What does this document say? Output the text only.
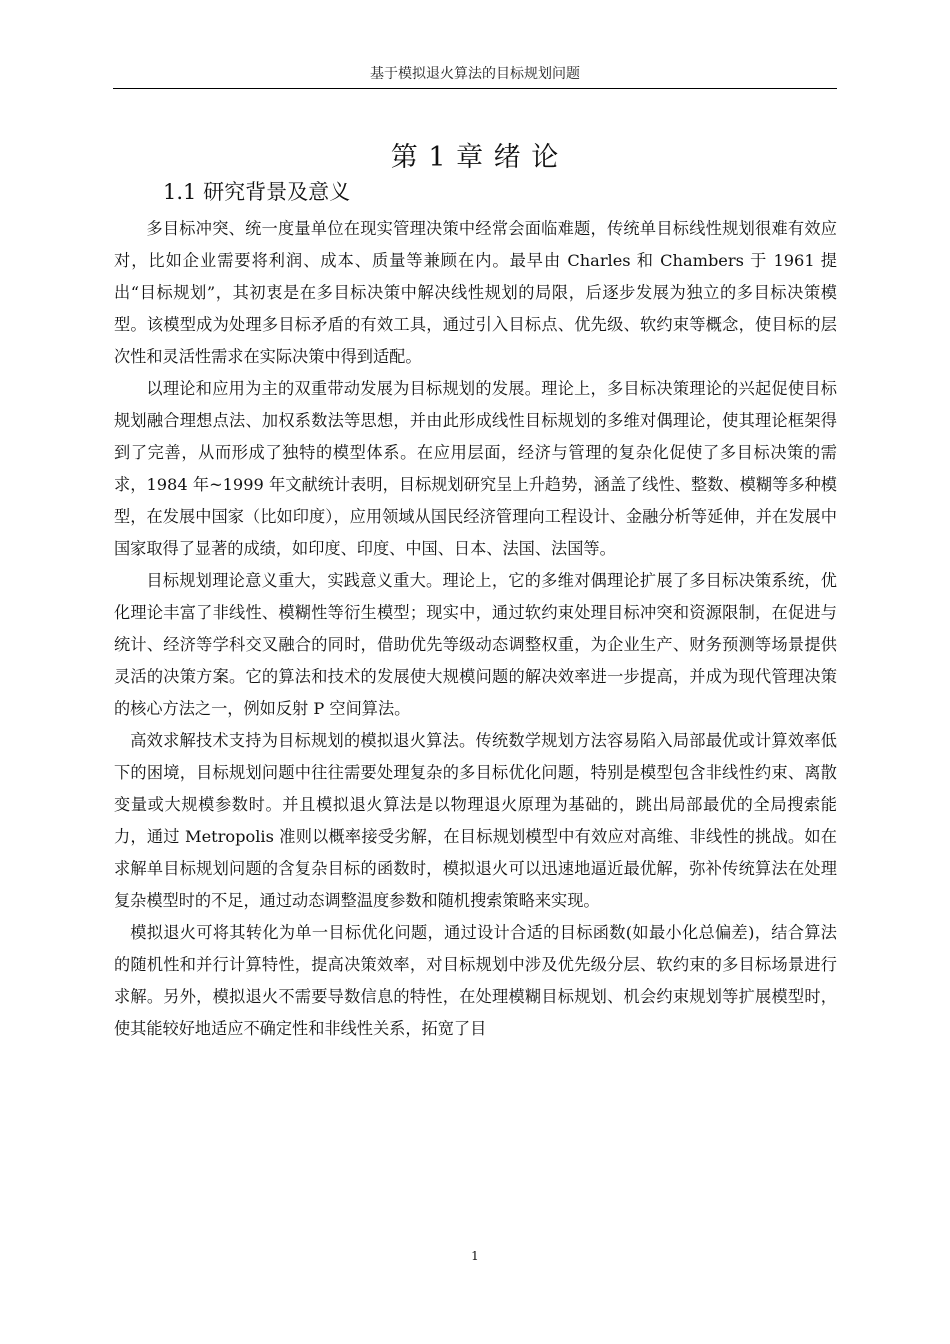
基于模拟退火算法的目标规划问题
第 1 章 绪 论
1.1 研究背景及意义

多目标冲突、统一度量单位在现实管理决策中经常会面临难题，传统单目标线性规划很难有效应对，比如企业需要将利润、成本、质量等兼顾在内。最早由 Charles 和 Chambers 于 1961 提出“目标规划”，其初衷是在多目标决策中解决线性规划的局限，后逐步发展为独立的多目标决策模型。该模型成为处理多目标矛盾的有效工具，通过引入目标点、优先级、软约束等概念，使目标的层次性和灵活性需求在实际决策中得到适配。

以理论和应用为主的双重带动发展为目标规划的发展。理论上，多目标决策理论的兴起促使目标规划融合理想点法、加权系数法等思想，并由此形成线性目标规划的多维对偶理论，使其理论框架得到了完善，从而形成了独特的模型体系。在应用层面，经济与管理的复杂化促使了多目标决策的需求，1984 年~1999 年文献统计表明，目标规划研究呈上升趋势，涵盖了线性、整数、模糊等多种模型，在发展中国家（比如印度），应用领域从国民经济管理向工程设计、金融分析等延伸，并在发展中国家取得了显著的成绩，如印度、印度、中国、日本、法国、法国等。

目标规划理论意义重大，实践意义重大。理论上，它的多维对偶理论扩展了多目标决策系统，优化理论丰富了非线性、模糊性等衍生模型；现实中，通过软约束处理目标冲突和资源限制，在促进与统计、经济等学科交叉融合的同时，借助优先等级动态调整权重，为企业生产、财务预测等场景提供灵活的决策方案。它的算法和技术的发展使大规模问题的解决效率进一步提高，并成为现代管理决策的核心方法之一，例如反射 P 空间算法。

高效求解技术支持为目标规划的模拟退火算法。传统数学规划方法容易陷入局部最优或计算效率低下的困境，目标规划问题中往往需要处理复杂的多目标优化问题，特别是模型包含非线性约束、离散变量或大规模参数时。并且模拟退火算法是以物理退火原理为基础的，跳出局部最优的全局搜索能力，通过 Metropolis 准则以概率接受劣解，在目标规划模型中有效应对高维、非线性的挑战。如在求解单目标规划问题的含复杂目标的函数时，模拟退火可以迅速地逼近最优解，弥补传统算法在处理复杂模型时的不足，通过动态调整温度参数和随机搜索策略来实现。

模拟退火可将其转化为单一目标优化问题，通过设计合适的目标函数(如最小化总偏差)，结合算法的随机性和并行计算特性，提高决策效率，对目标规划中涉及优先级分层、软约束的多目标场景进行求解。另外，模拟退火不需要导数信息的特性，在处理模糊目标规划、机会约束规划等扩展模型时，使其能较好地适应不确定性和非线性关系，拓宽了目

1
